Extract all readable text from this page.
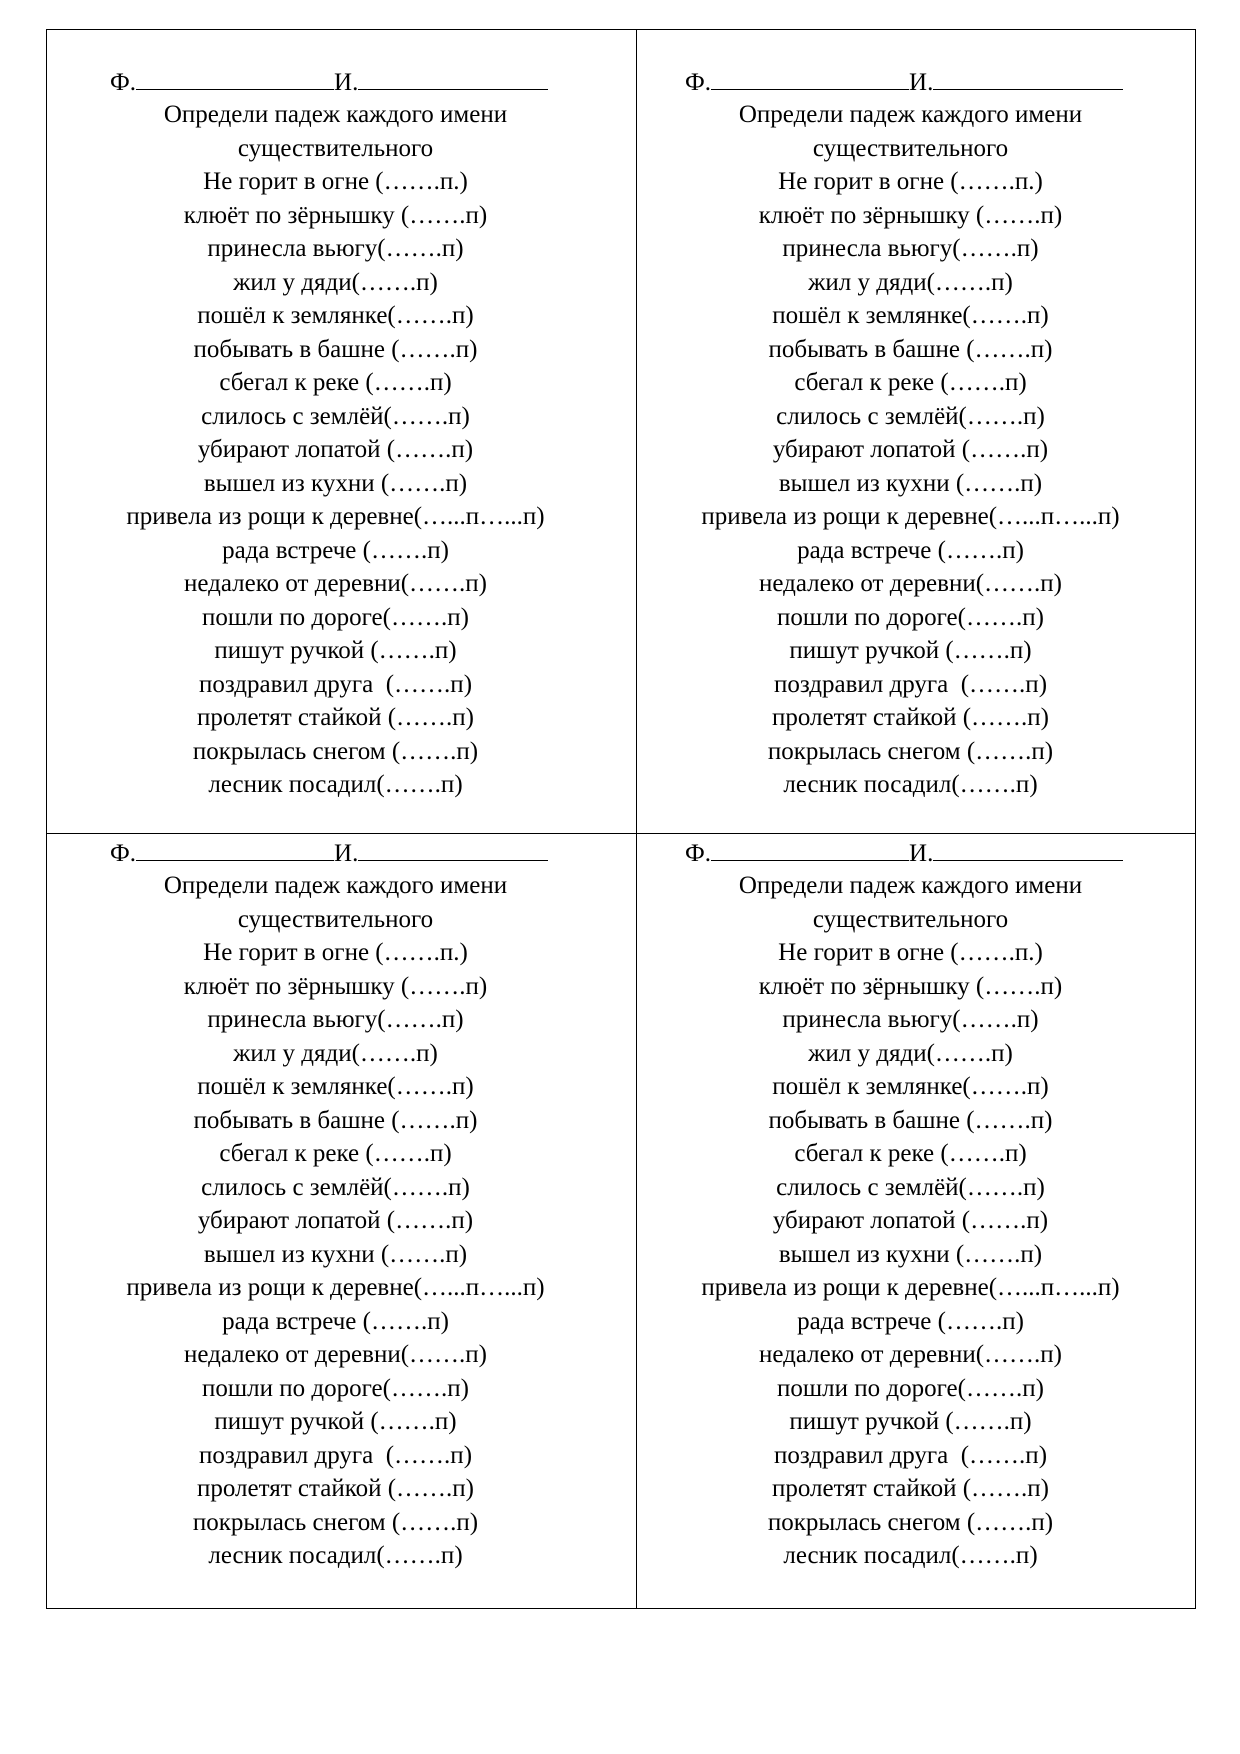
Ф.	И.
Определи падеж каждого имени
существительного
Не горит в огне (…….п.)
клюёт по зёрнышку (…….п)
принесла вьюгу(…….п)
жил у дяди(…….п)
пошёл к землянке(…….п)
побывать в башне (…….п)
сбегал к реке (…….п)
слилось с землёй(…….п)
убирают лопатой (…….п)
вышел из кухни (…….п)
привела из рощи к деревне(…...п…...п)
рада встрече (…….п)
недалеко от деревни(…….п)
пошли по дороге(…….п)
пишут ручкой (…….п)
поздравил друга  (…….п)
пролетят стайкой (…….п)
покрылась снегом (…….п)
лесник посадил(…….п)
Ф.	И.
Определи падеж каждого имени
существительного
Не горит в огне (…….п.)
клюёт по зёрнышку (…….п)
принесла вьюгу(…….п)
жил у дяди(…….п)
пошёл к землянке(…….п)
побывать в башне (…….п)
сбегал к реке (…….п)
слилось с землёй(…….п)
убирают лопатой (…….п)
вышел из кухни (…….п)
привела из рощи к деревне(…...п…...п)
рада встрече (…….п)
недалеко от деревни(…….п)
пошли по дороге(…….п)
пишут ручкой (…….п)
поздравил друга  (…….п)
пролетят стайкой (…….п)
покрылась снегом (…….п)
лесник посадил(…….п)
Ф.	И.
Определи падеж каждого имени
существительного
Не горит в огне (…….п.)
клюёт по зёрнышку (…….п)
принесла вьюгу(…….п)
жил у дяди(…….п)
пошёл к землянке(…….п)
побывать в башне (…….п)
сбегал к реке (…….п)
слилось с землёй(…….п)
убирают лопатой (…….п)
вышел из кухни (…….п)
привела из рощи к деревне(…...п…...п)
рада встрече (…….п)
недалеко от деревни(…….п)
пошли по дороге(…….п)
пишут ручкой (…….п)
поздравил друга  (…….п)
пролетят стайкой (…….п)
покрылась снегом (…….п)
лесник посадил(…….п)
Ф.	И.
Определи падеж каждого имени
существительного
Не горит в огне (…….п.)
клюёт по зёрнышку (…….п)
принесла вьюгу(…….п)
жил у дяди(…….п)
пошёл к землянке(…….п)
побывать в башне (…….п)
сбегал к реке (…….п)
слилось с землёй(…….п)
убирают лопатой (…….п)
вышел из кухни (…….п)
привела из рощи к деревне(…...п…...п)
рада встрече (…….п)
недалеко от деревни(…….п)
пошли по дороге(…….п)
пишут ручкой (…….п)
поздравил друга  (…….п)
пролетят стайкой (…….п)
покрылась снегом (…….п)
лесник посадил(…….п)
